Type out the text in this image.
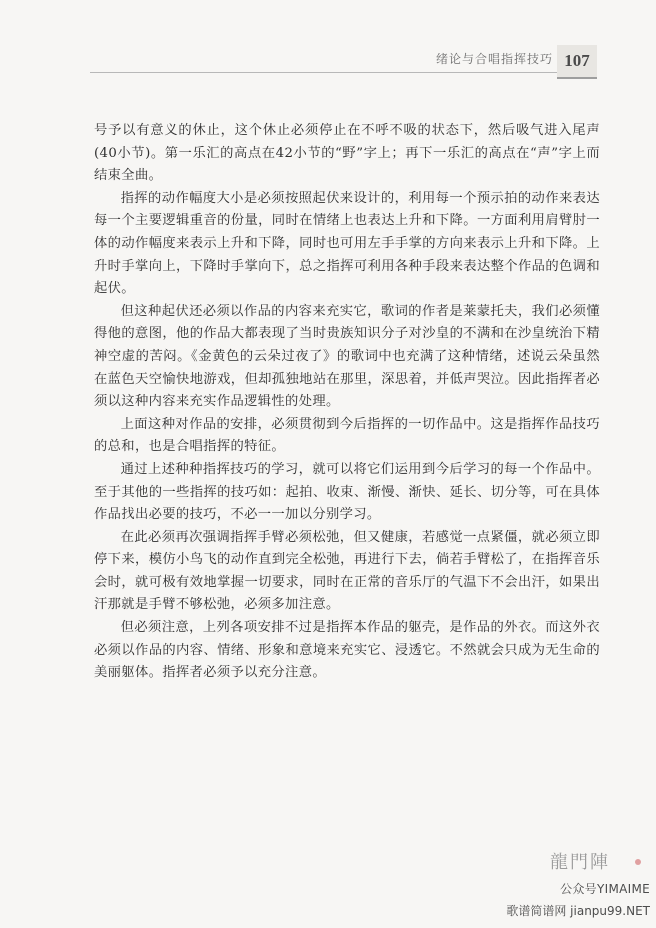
绪论与合唱指挥技巧 107

号予以有意义的休止，这个休止必须停止在不呼不吸的状态下，然后吸气进入尾声(40小节)。第一乐汇的高点在42小节的“野”字上；再下一乐汇的高点在“声”字上而结束全曲。

指挥的动作幅度大小是必须按照起伏来设计的，利用每一个预示拍的动作来表达每一个主要逻辑重音的份量，同时在情绪上也表达上升和下降。一方面利用肩臂肘一体的动作幅度来表示上升和下降，同时也可用左手手掌的方向来表示上升和下降。上升时手掌向上，下降时手掌向下，总之指挥可利用各种手段来表达整个作品的色调和起伏。

但这种起伏还必须以作品的内容来充实它，歌词的作者是莱蒙托夫，我们必须懂得他的意图，他的作品大都表现了当时贵族知识分子对沙皇的不满和在沙皇统治下精神空虚的苦闷。《金黄色的云朵过夜了》的歌词中也充满了这种情绪，述说云朵虽然在蓝色天空愉快地游戏，但却孤独地站在那里，深思着，并低声哭泣。因此指挥者必须以这种内容来充实作品逻辑性的处理。

上面这种对作品的安排，必须贯彻到今后指挥的一切作品中。这是指挥作品技巧的总和，也是合唱指挥的特征。

通过上述种种指挥技巧的学习，就可以将它们运用到今后学习的每一个作品中。至于其他的一些指挥的技巧如：起拍、收束、渐慢、渐快、延长、切分等，可在具体作品找出必要的技巧，不必一一加以分别学习。

在此必须再次强调指挥手臂必须松弛，但又健康，若感觉一点紧僵，就必须立即停下来，模仿小鸟飞的动作直到完全松弛，再进行下去，倘若手臂松了，在指挥音乐会时，就可极有效地掌握一切要求，同时在正常的音乐厅的气温下不会出汗，如果出汗那就是手臂不够松弛，必须多加注意。

但必须注意，上列各项安排不过是指挥本作品的躯壳，是作品的外衣。而这外衣必须以作品的内容、情绪、形象和意境来充实它、浸透它。不然就会只成为无生命的美丽躯体。指挥者必须予以充分注意。

龍門陣
公众号YIMAIME
歌谱简谱网 jianpu99.NET
